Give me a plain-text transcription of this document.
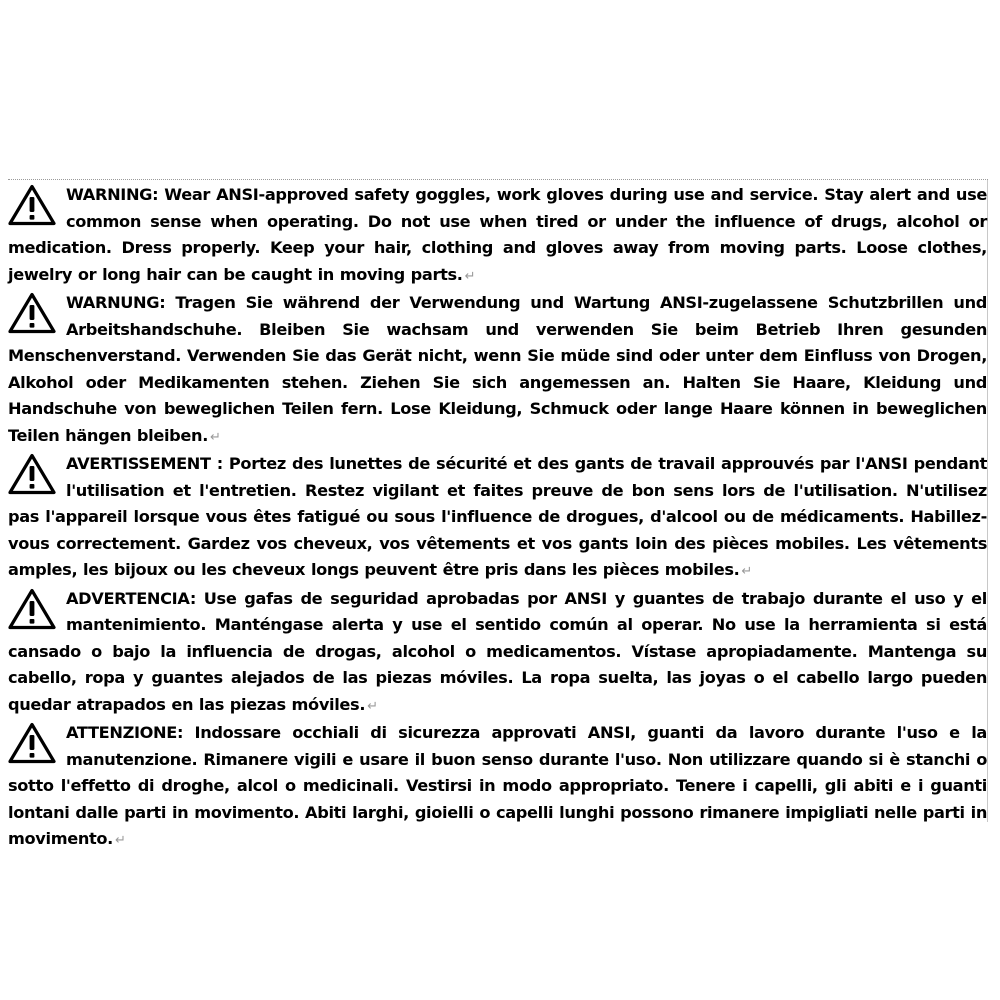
WARNING: Wear ANSI-approved safety goggles, work gloves during use and service. Stay alert and use common sense when operating. Do not use when tired or under the influence of drugs, alcohol or medication. Dress properly. Keep your hair, clothing and gloves away from moving parts. Loose clothes, jewelry or long hair can be caught in moving parts. ↵

WARNUNG: Tragen Sie während der Verwendung und Wartung ANSI-zugelassene Schutzbrillen und Arbeitshandschuhe. Bleiben Sie wachsam und verwenden Sie beim Betrieb Ihren gesunden Menschenverstand. Verwenden Sie das Gerät nicht, wenn Sie müde sind oder unter dem Einfluss von Drogen, Alkohol oder Medikamenten stehen. Ziehen Sie sich angemessen an. Halten Sie Haare, Kleidung und Handschuhe von beweglichen Teilen fern. Lose Kleidung, Schmuck oder lange Haare können in beweglichen Teilen hängen bleiben. ↵

AVERTISSEMENT : Portez des lunettes de sécurité et des gants de travail approuvés par l'ANSI pendant l'utilisation et l'entretien. Restez vigilant et faites preuve de bon sens lors de l'utilisation. N'utilisez pas l'appareil lorsque vous êtes fatigué ou sous l'influence de drogues, d'alcool ou de médicaments. Habillez-vous correctement. Gardez vos cheveux, vos vêtements et vos gants loin des pièces mobiles. Les vêtements amples, les bijoux ou les cheveux longs peuvent être pris dans les pièces mobiles. ↵

ADVERTENCIA: Use gafas de seguridad aprobadas por ANSI y guantes de trabajo durante el uso y el mantenimiento. Manténgase alerta y use el sentido común al operar. No use la herramienta si está cansado o bajo la influencia de drogas, alcohol o medicamentos. Vístase apropiadamente. Mantenga su cabello, ropa y guantes alejados de las piezas móviles. La ropa suelta, las joyas o el cabello largo pueden quedar atrapados en las piezas móviles. ↵

ATTENZIONE: Indossare occhiali di sicurezza approvati ANSI, guanti da lavoro durante l'uso e la manutenzione. Rimanere vigili e usare il buon senso durante l'uso. Non utilizzare quando si è stanchi o sotto l'effetto di droghe, alcol o medicinali. Vestirsi in modo appropriato. Tenere i capelli, gli abiti e i guanti lontani dalle parti in movimento. Abiti larghi, gioielli o capelli lunghi possono rimanere impigliati nelle parti in movimento. ↵
